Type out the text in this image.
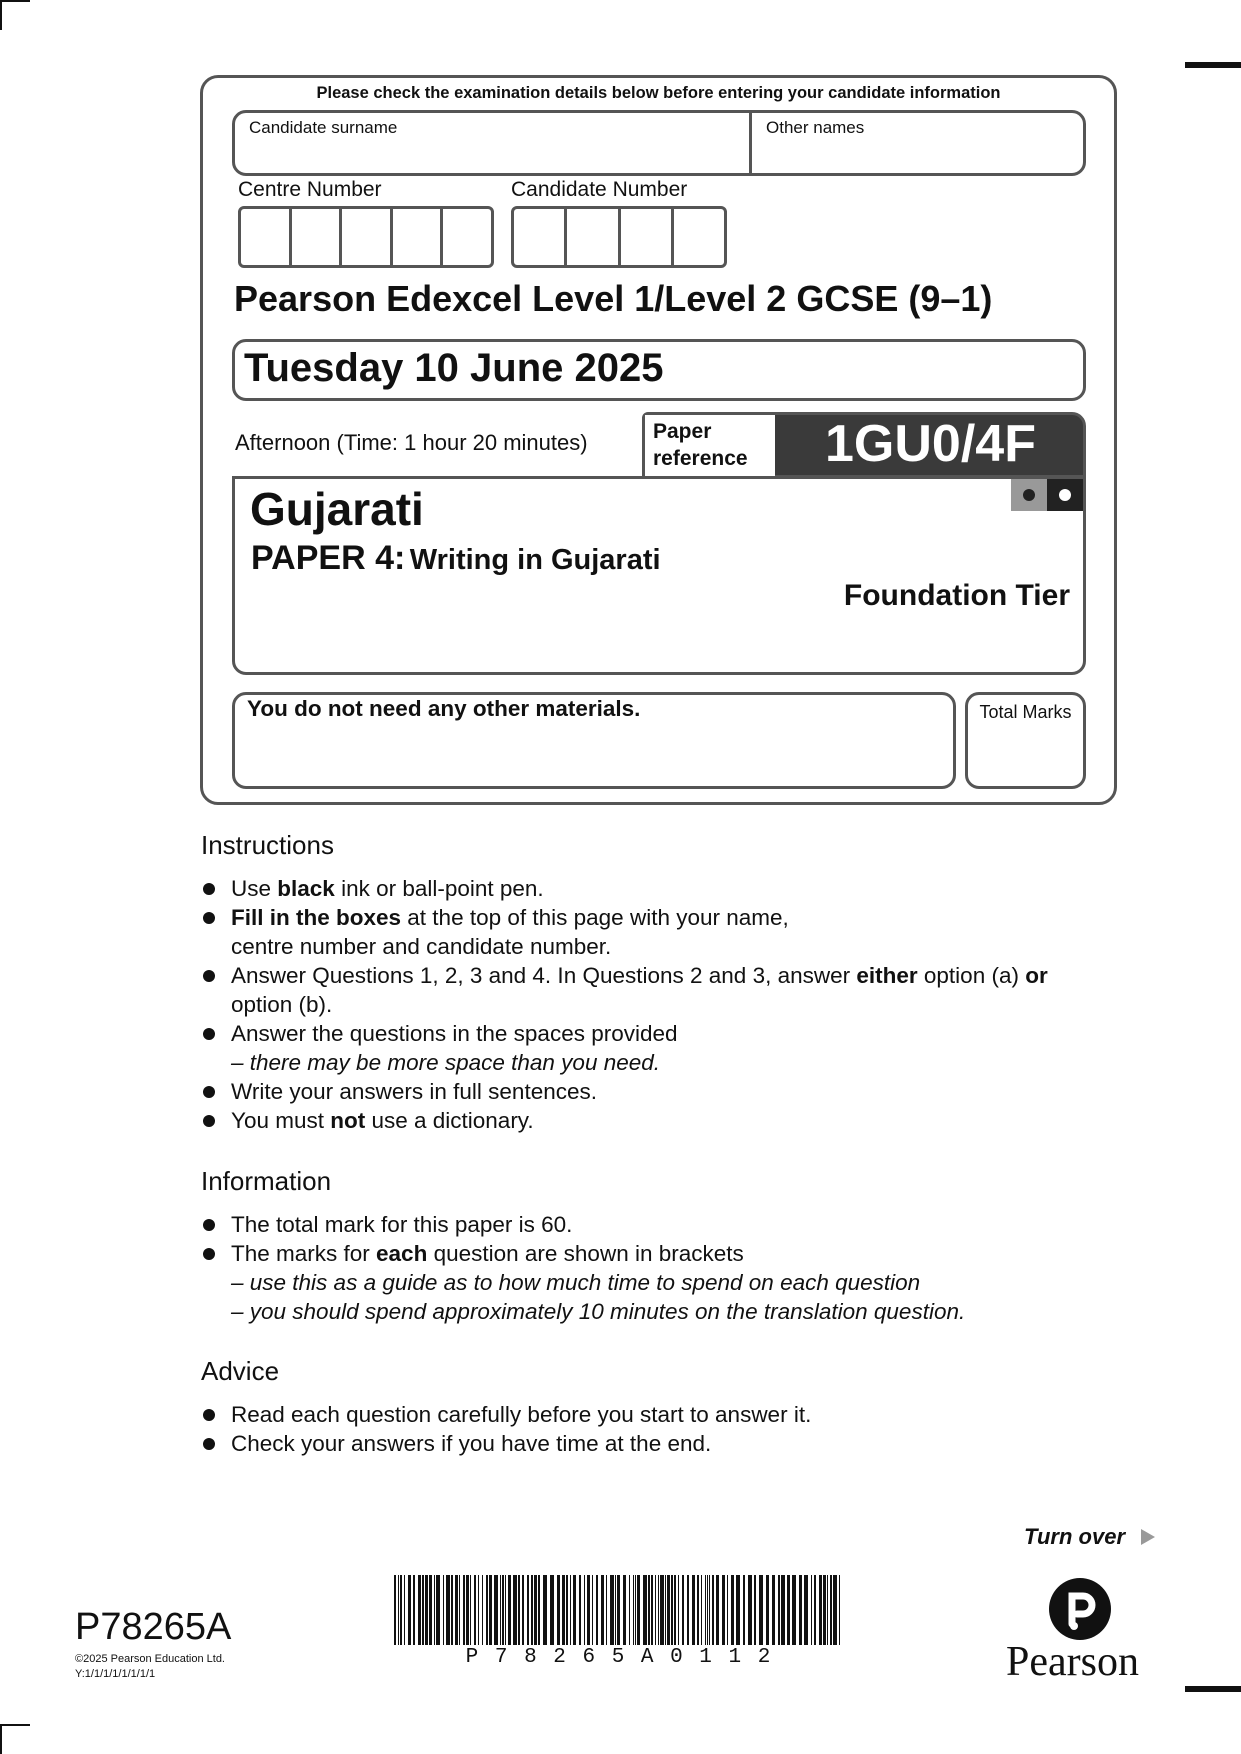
Please check the examination details below before entering your candidate information
Candidate surname	Other names
Centre Number	Candidate Number
Pearson Edexcel Level 1/Level 2 GCSE (9–1)
Tuesday 10 June 2025
Afternoon (Time: 1 hour 20 minutes)	Paper
reference	1GU0/4F
Gujarati
PAPER 4: Writing in Gujarati
Foundation Tier
You do not need any other materials.	Total Marks
Instructions
Use black ink or ball-point pen.
Fill in the boxes at the top of this page with your name,
centre number and candidate number.
Answer Questions 1, 2, 3 and 4. In Questions 2 and 3, answer either option (a) or
option (b).
Answer the questions in the spaces provided
– there may be more space than you need.
Write your answers in full sentences.
You must not use a dictionary.
Information
The total mark for this paper is 60.
The marks for each question are shown in brackets
– use this as a guide as to how much time to spend on each question
– you should spend approximately 10 minutes on the translation question.
Advice
Read each question carefully before you start to answer it.
Check your answers if you have time at the end.
Turn over
P78265A
©2025 Pearson Education Ltd.
Y:1/1/1/1/1/1/1/1
P 7 8 2 6 5 A 0 1 1 2	Pearson
